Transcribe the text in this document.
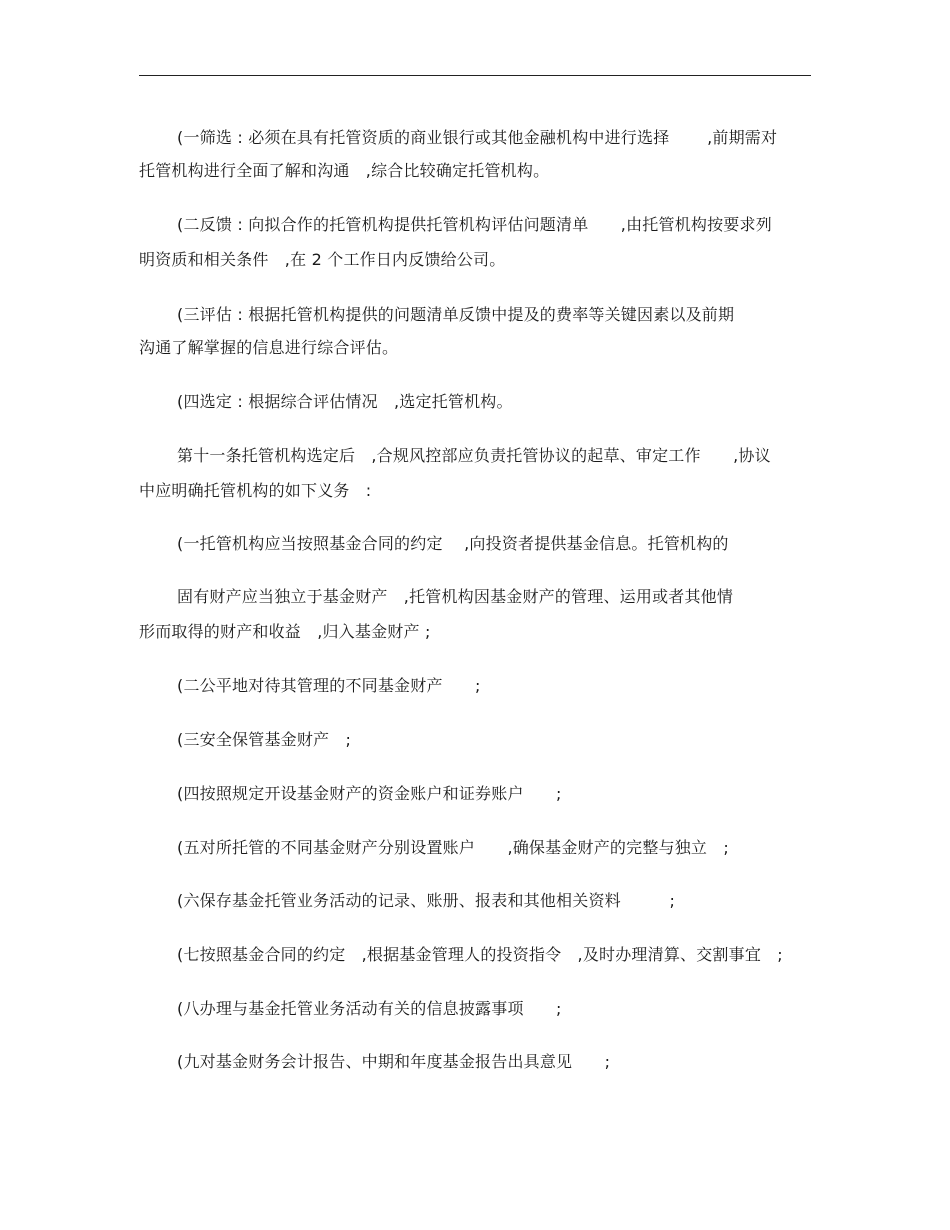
(一筛选 : 必须在具有托管资质的商业银行或其他金融机构中进行选择　　 ,前期需对
托管机构进行全面了解和沟通　,综合比较确定托管机构。
(二反馈 : 向拟合作的托管机构提供托管机构评估问题清单　　,由托管机构按要求列
明资质和相关条件　,在 2 个工作日内反馈给公司。
(三评估 : 根据托管机构提供的问题清单反馈中提及的费率等关键因素以及前期
沟通了解掌握的信息进行综合评估。
(四选定 : 根据综合评估情况　,选定托管机构。
第十一条托管机构选定后　,合规风控部应负责托管协议的起草、审定工作　　,协议
中应明确托管机构的如下义务　:
(一托管机构应当按照基金合同的约定　 ,向投资者提供基金信息。托管机构的
固有财产应当独立于基金财产　,托管机构因基金财产的管理、运用或者其他情
形而取得的财产和收益　,归入基金财产 ;
(二公平地对待其管理的不同基金财产　　;
(三安全保管基金财产　;
(四按照规定开设基金财产的资金账户和证券账户　　;
(五对所托管的不同基金财产分别设置账户　　,确保基金财产的完整与独立　;
(六保存基金托管业务活动的记录、账册、报表和其他相关资料　　　;
(七按照基金合同的约定　,根据基金管理人的投资指令　,及时办理清算、交割事宜　;
(八办理与基金托管业务活动有关的信息披露事项　　;
(九对基金财务会计报告、中期和年度基金报告出具意见　　;
